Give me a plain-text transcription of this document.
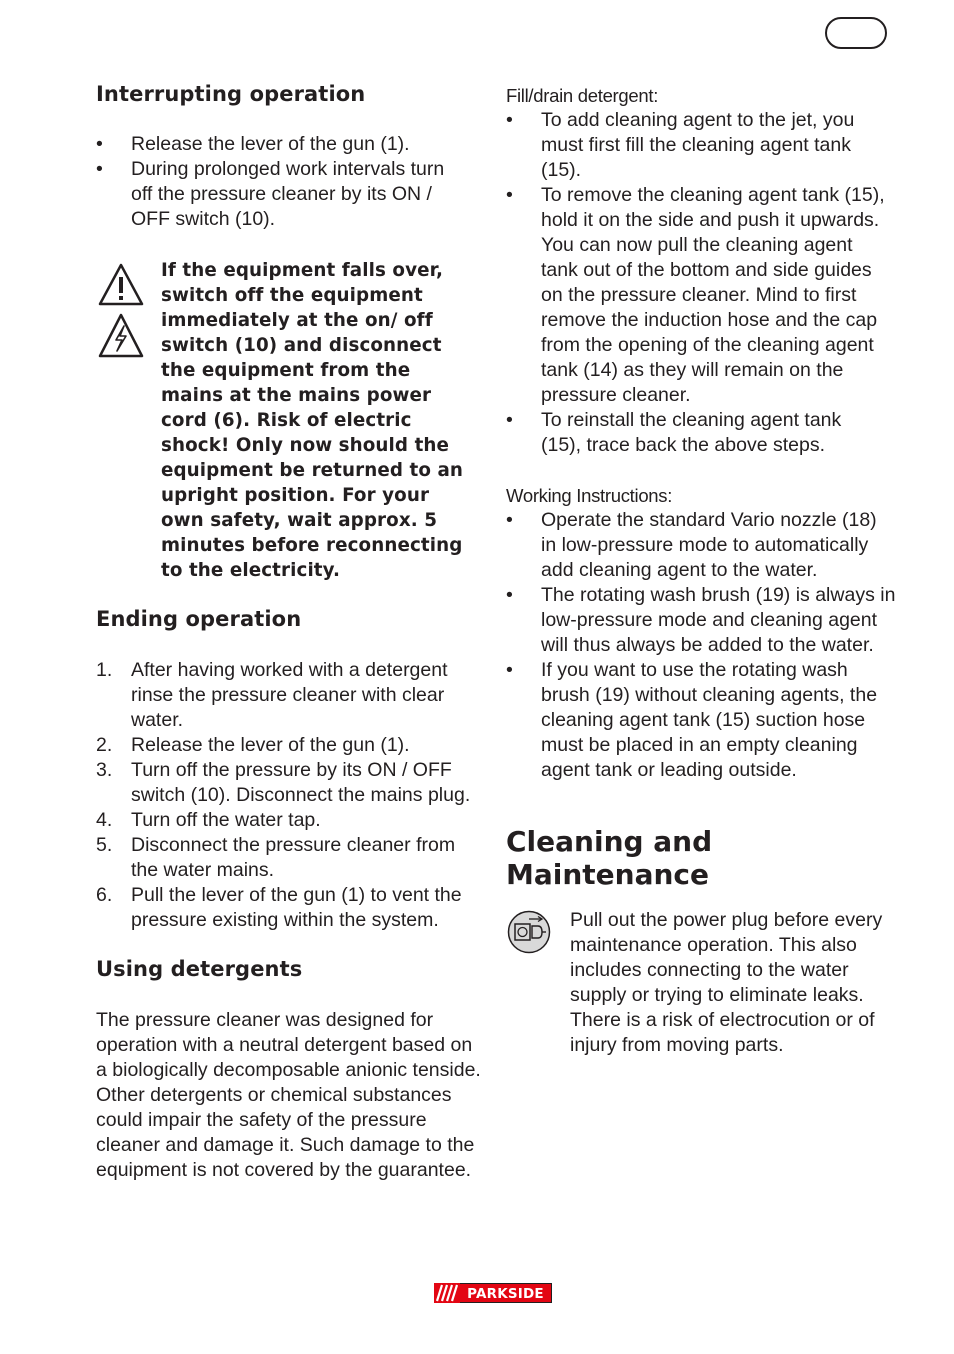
Interrupting operation
• Release the lever of the gun (1).
• During prolonged work intervals turn off the pressure cleaner by its ON / OFF switch (10).

If the equipment falls over, switch off the equipment immediately at the on/ off switch (10) and disconnect the equipment from the mains at the mains power cord (6). Risk of electric shock! Only now should the equipment be returned to an upright position. For your own safety, wait approx. 5 minutes before reconnecting to the electricity.

Ending operation
1. After having worked with a detergent rinse the pressure cleaner with clear water.
2. Release the lever of the gun (1).
3. Turn off the pressure by its ON / OFF switch (10). Disconnect the mains plug.
4. Turn off the water tap.
5. Disconnect the pressure cleaner from the water mains.
6. Pull the lever of the gun (1) to vent the pressure existing within the system.
Using detergents

The pressure cleaner was designed for operation with a neutral detergent based on a biologically decomposable anionic tenside. Other detergents or chemical substances could impair the safety of the pressure cleaner and damage it. Such damage to the equipment is not covered by the guarantee.

Fill/drain detergent:
• To add cleaning agent to the jet, you must first fill the cleaning agent tank (15).
• To remove the cleaning agent tank (15), hold it on the side and push it upwards. You can now pull the cleaning agent tank out of the bottom and side guides on the pressure cleaner. Mind to first remove the induction hose and the cap from the opening of the cleaning agent tank (14) as they will remain on the pressure cleaner.
• To reinstall the cleaning agent tank (15), trace back the above steps.
Working Instructions:
• Operate the standard Vario nozzle (18) in low-pressure mode to automatically add cleaning agent to the water.
• The rotating wash brush (19) is always in low-pressure mode and cleaning agent will thus always be added to the water.
• If you want to use the rotating wash brush (19) without cleaning agents, the cleaning agent tank (15) suction hose must be placed in an empty cleaning agent tank or leading outside.
Cleaning and
Maintenance

Pull out the power plug before every maintenance operation. This also includes connecting to the water supply or trying to eliminate leaks. There is a risk of electrocution or of injury from moving parts.

PARKSIDE
